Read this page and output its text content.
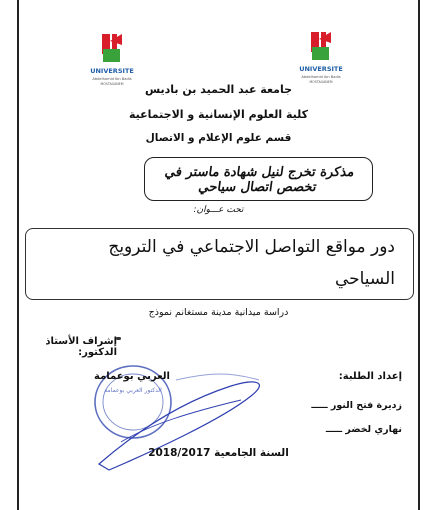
UNIVERSITE
Abdelhamid Ibn Badis
MOSTAGANEM
UNIVERSITE
Abdelhamid Ibn Badis
MOSTAGANEM
جامعة عبد الحميد بن باديس
كلية العلوم الإنسانية و الاجتماعية
قسم علوم الإعلام و الاتصال
مذكرة تخرج لنيل شهادة ماستر في تخصص اتصال سياحي
تحت عـــوان:
دور مواقع التواصل الاجتماعي في الترويج
السياحي
دراسة ميدانية مدينة مستغانم نموذج
إشراف الأستاذ الدكتور:
الدكتور العربي بوعمامة
العربي بوعمامة	إعداد الطلبة:
زديرة فتح النور ـــــ
نهاري لخضر ـــــ
السنة الجامعية 2018/2017
